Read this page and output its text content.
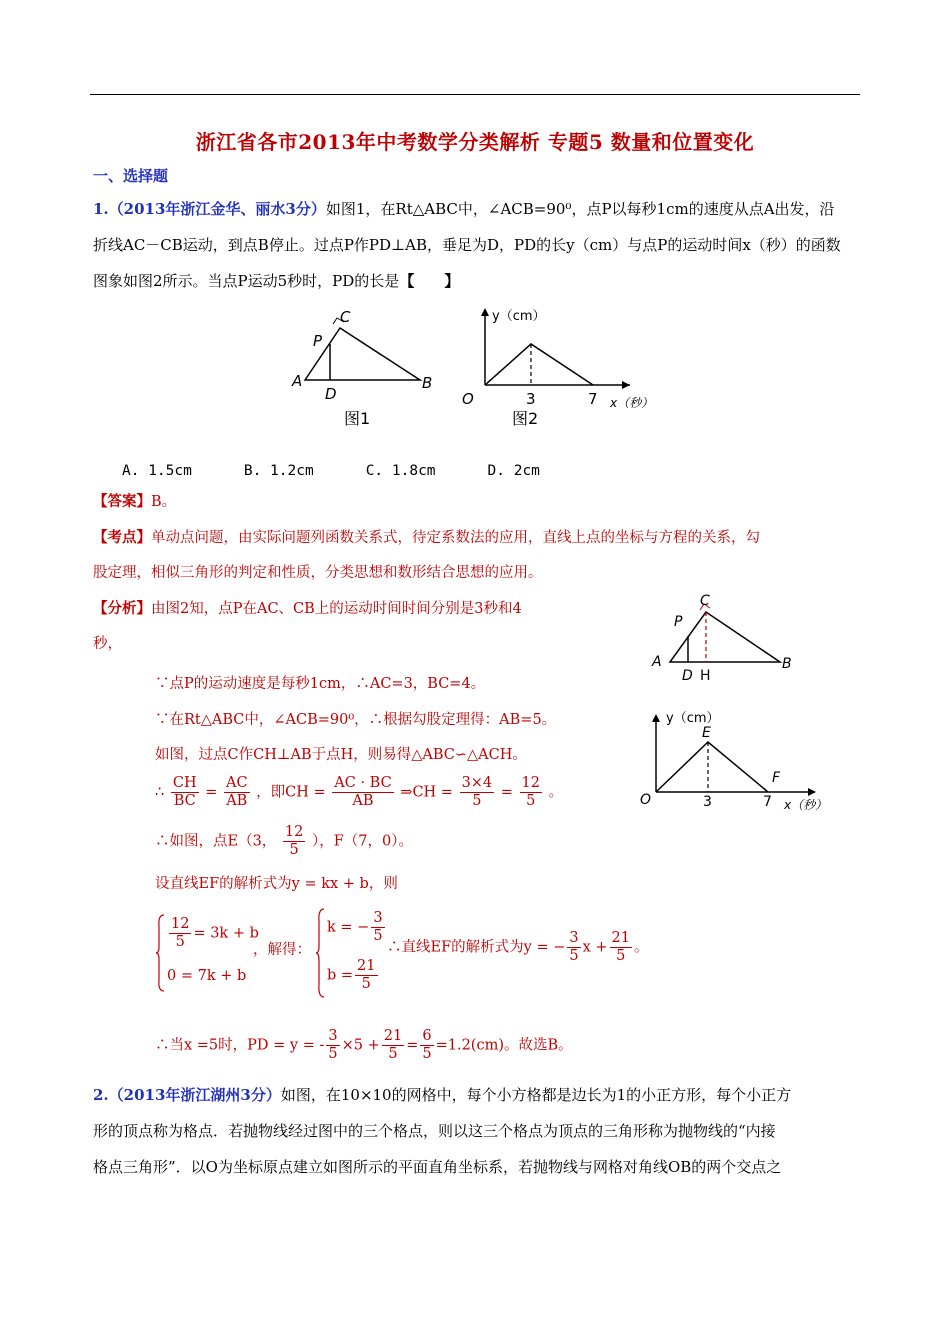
浙江省各市2013年中考数学分类解析 专题5 数量和位置变化
一、选择题
1.（2013年浙江金华、丽水3分）如图1，在Rt△ABC中，∠ACB=90⁰，点P以每秒1cm的速度从点A出发，沿
折线AC－CB运动，到点B停止。过点P作PD⊥AB，垂足为D，PD的长y（cm）与点P的运动时间x（秒）的函数
图象如图2所示。当点P运动5秒时，PD的长是【　　】
A	B
C
P
D
图1
y（cm）
O	3	7 x（秒）
图2
A. 1.5cm	B. 1.2cm	C. 1.8cm	D. 2cm
【答案】B。
【考点】单动点问题，由实际问题列函数关系式，待定系数法的应用，直线上点的坐标与方程的关系，勾
股定理，相似三角形的判定和性质，分类思想和数形结合思想的应用。
【分析】由图2知，点P在AC、CB上的运动时间时间分别是3秒和4
秒，
∵点P的运动速度是每秒1cm，∴AC=3，BC=4。
∵在Rt△ABC中，∠ACB=90⁰，∴根据勾股定理得：AB=5。
如图，过点C作CH⊥AB于点H，则易得△ABC∽△ACH。
∴ $\frac{CH}{BC} = \frac{AC}{AB}$ ，即CH = $\frac{AC \cdot BC}{AB}$ ⇒CH = $\frac{3\times 4}{5} = \frac{12}{5}$ 。
∴如图，点E（3， $\frac{12}{5}$ ），F（7，0）。
设直线EF的解析式为y = kx + b，则
$\frac{12}{5} = 3k + b$
0 = 7k + b
，解得：
k = − $\frac{3}{5}$
$b = \frac{21}{5}$
∴直线EF的解析式为y = − $\frac{3}{5}$ $x + \frac{21}{5}$ 。
∴当x =5时，PD = y = - $\frac{3}{5} \times 5 + \frac{21}{5} = \frac{6}{5} =1.2(cm)$。故选B。
A	B
C
P
D H
y（cm）
E
F
O	3	7 x（秒）
2.（2013年浙江湖州3分）如图，在10×10的网格中，每个小方格都是边长为1的小正方形，每个小正方
形的顶点称为格点．若抛物线经过图中的三个格点，则以这三个格点为顶点的三角形称为抛物线的“内接
格点三角形”．以O为坐标原点建立如图所示的平面直角坐标系，若抛物线与网格对角线OB的两个交点之
